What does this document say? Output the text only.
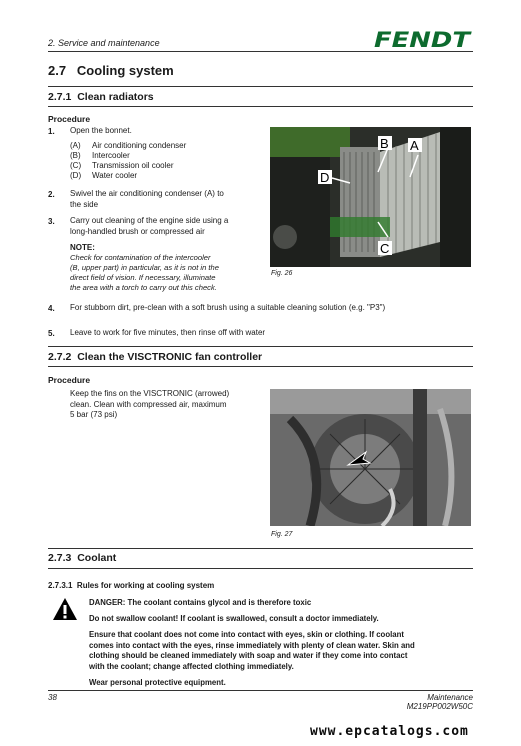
2. Service and maintenance	FENDT
2.7 Cooling system
2.7.1 Clean radiators
Procedure
1. Open the bonnet.
(A) Air conditioning condenser
(B) Intercooler
(C) Transmission oil cooler
(D) Water cooler
2. Swivel the air conditioning condenser (A) to
the side
3. Carry out cleaning of the engine side using a
long-handled brush or compressed air
NOTE:
Check for contamination of the intercooler
(B, upper part) in particular, as it is not in the
direct field of vision. If necessary, illuminate
the area with a torch to carry out this check.
B A
D
C
Fig. 26
4. For stubborn dirt, pre-clean with a soft brush using a suitable cleaning solution (e.g. "P3")
5. Leave to work for five minutes, then rinse off with water
2.7.2 Clean the VISCTRONIC fan controller
Procedure
Keep the fins on the VISCTRONIC (arrowed)
clean. Clean with compressed air, maximum
5 bar (73 psi)
Fig. 27
2.7.3 Coolant
2.7.3.1 Rules for working at cooling system
DANGER: The coolant contains glycol and is therefore toxic
Do not swallow coolant! If coolant is swallowed, consult a doctor immediately.
Ensure that coolant does not come into contact with eyes, skin or clothing. If coolant
comes into contact with the eyes, rinse immediately with plenty of clean water. Skin and
clothing should be cleaned immediately with soap and water if they come into contact
with the coolant; change affected clothing immediately.
Wear personal protective equipment.
38	Maintenance
M219PP002W50C
www.epcatalogs.com
